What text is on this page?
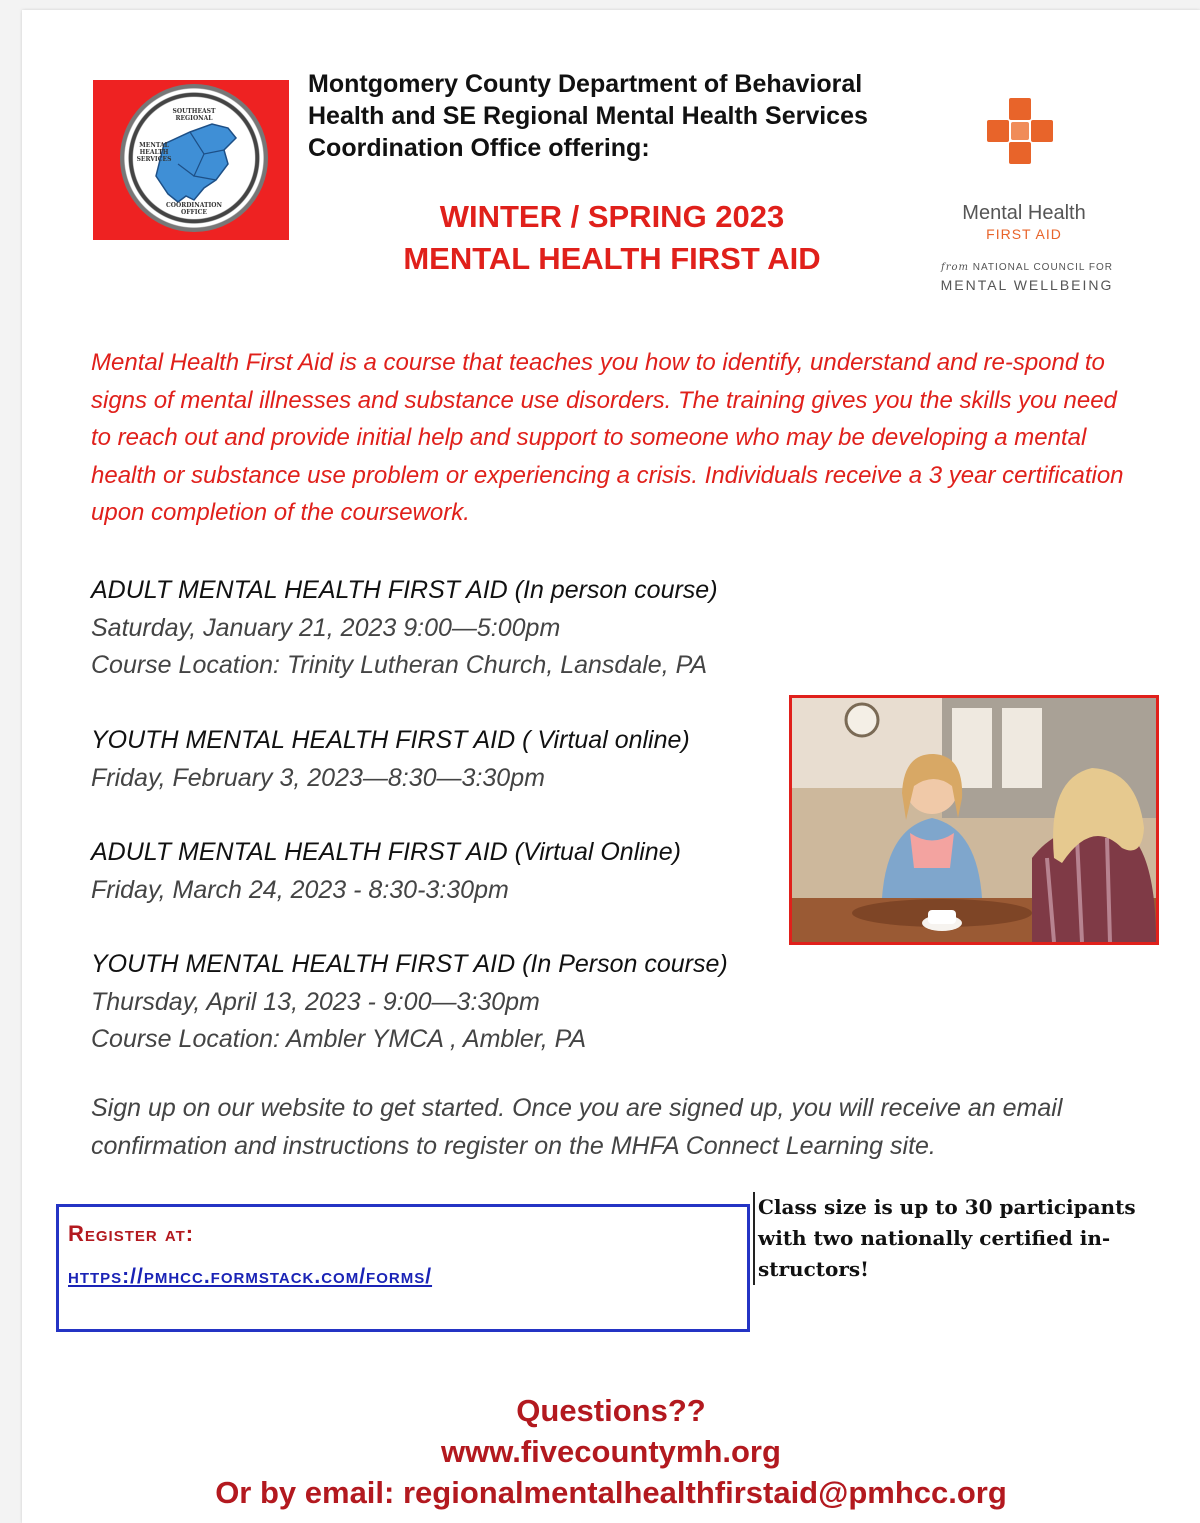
SOUTHEAST
REGIONAL
MENTAL
HEALTH
SERVICES
COORDINATION
OFFICE
Montgomery County Department of Behavioral
Health and SE Regional Mental Health Services
Coordination Office offering:
WINTER / SPRING 2023
MENTAL HEALTH FIRST AID
Mental Health
FIRST AID
from NATIONAL COUNCIL FOR
MENTAL WELLBEING
Mental Health First Aid is a course that teaches you how to identify, understand and re-spond to signs of mental illnesses and substance use disorders. The training gives you the skills you need to reach out and provide initial help and support to someone who may be developing a mental health or substance use problem or experiencing a crisis. Individuals receive a 3 year certification upon completion of the coursework.
ADULT MENTAL HEALTH FIRST AID (In person course)
Saturday, January 21, 2023 9:00—5:00pm
Course Location: Trinity Lutheran Church, Lansdale, PA
YOUTH MENTAL HEALTH FIRST AID ( Virtual online)
Friday, February 3, 2023—8:30—3:30pm
ADULT MENTAL HEALTH FIRST AID (Virtual Online)
Friday, March 24, 2023 - 8:30-3:30pm
YOUTH MENTAL HEALTH FIRST AID (In Person course)
Thursday, April 13, 2023 - 9:00—3:30pm
Course Location: Ambler YMCA , Ambler, PA
Sign up on our website to get started. Once you are signed up, you will receive an email confirmation and instructions to register on the MHFA Connect Learning site.
Register at:
https://pmhcc.formstack.com/forms/
Class size is up to 30 participants with two nationally certified in-structors!
Questions??
www.fivecountymh.org
Or by email: regionalmentalhealthfirstaid@pmhcc.org
